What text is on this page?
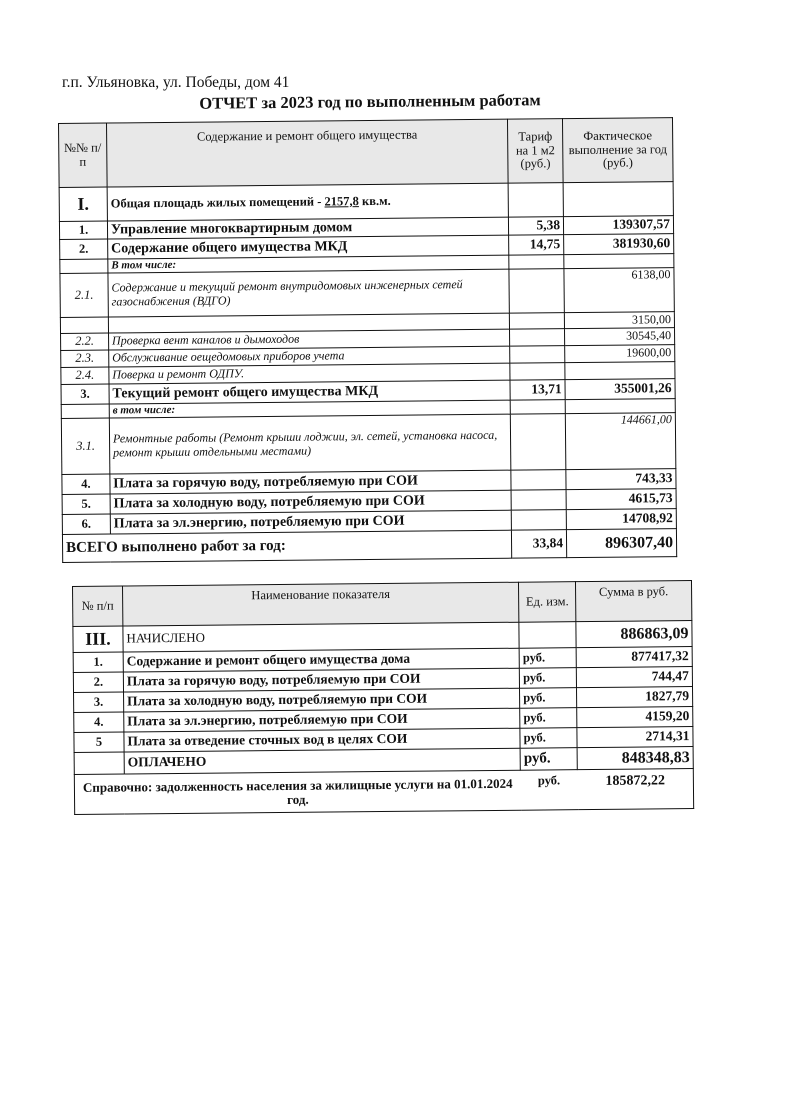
г.п. Ульяновка, ул. Победы, дом 41
ОТЧЕТ за 2023 год по выполненным работам
№№ п/п	Содержание и ремонт общего имущества	Тариф на 1 м2 (руб.)	Фактическое выполнение за год (руб.)
I.	Общая площадь жилых помещений - 2157,8 кв.м.		
1.	Управление многоквартирным домом	5,38	139307,57
2.	Содержание общего имущества МКД	14,75	381930,60
	В том числе:		
2.1.	Содержание и текущий ремонт внутридомовых инженерных сетей газоснабжения (ВДГО)		6138,00
			3150,00
2.2.	Проверка вент каналов и дымоходов		30545,40
2.3.	Обслуживание оещедомовых приборов учета		19600,00
2.4.	Поверка и ремонт ОДПУ.		
3.	Текущий ремонт общего имущества МКД	13,71	355001,26
	в том числе:		
3.1.	Ремонтные работы (Ремонт крыши лоджии, эл. сетей, установка насоса, ремонт крыши отдельными местами)		144661,00
4.	Плата за горячую воду, потребляемую при СОИ		743,33
5.	Плата за холодную воду, потребляемую при СОИ		4615,73
6.	Плата за эл.энергию, потребляемую при СОИ		14708,92
ВСЕГО выполнено работ за год:		33,84	896307,40
№ п/п	Наименование показателя	Ед. изм.	Сумма в руб.
III.	НАЧИСЛЕНО		886863,09
1.	Содержание и ремонт общего имущества дома	руб.	877417,32
2.	Плата за горячую воду, потребляемую при СОИ	руб.	744,47
3.	Плата за холодную воду, потребляемую при СОИ	руб.	1827,79
4.	Плата за эл.энергию, потребляемую при СОИ	руб.	4159,20
5	Плата за отведение сточных вод в целях СОИ	руб.	2714,31
	ОПЛАЧЕНО	руб.	848348,83
Справочно: задолженность населения за жилищные услуги на 01.01.2024 год.		руб.	185872,22
